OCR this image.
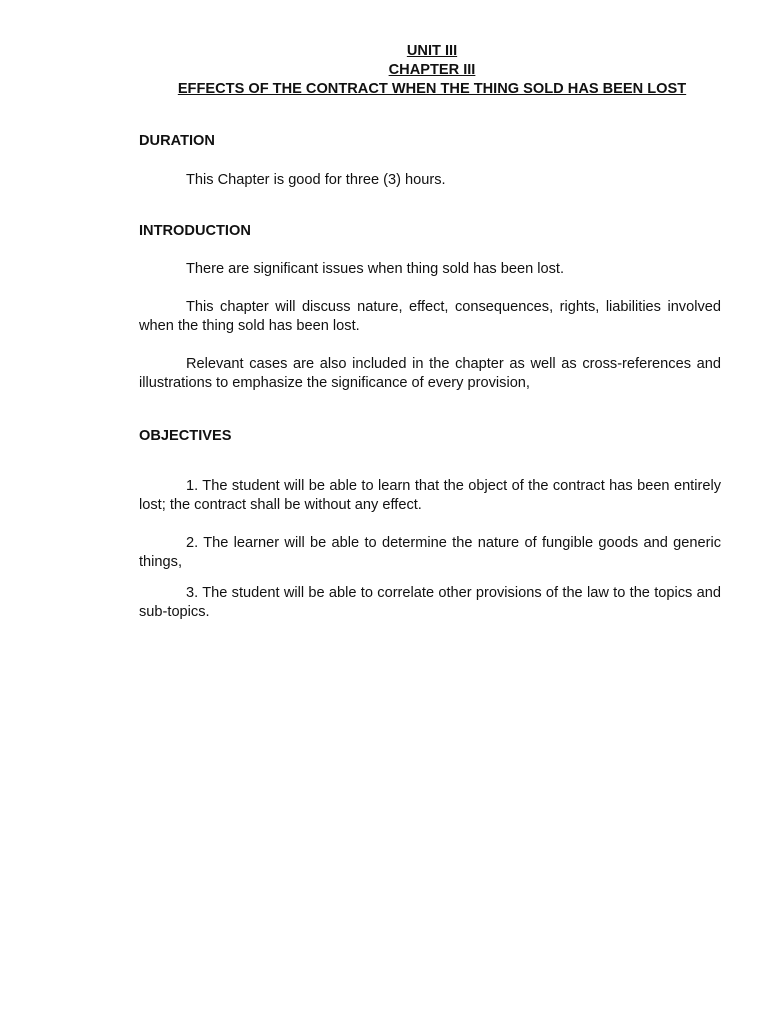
UNIT III
CHAPTER III
EFFECTS OF THE CONTRACT WHEN THE THING SOLD HAS BEEN LOST
DURATION
This Chapter is good for three (3) hours.
INTRODUCTION
There are significant issues when thing sold has been lost.
This chapter will discuss nature, effect, consequences, rights, liabilities involved when the thing sold has been lost.
Relevant cases are also included in the chapter as well as cross-references and illustrations to emphasize the significance of every provision,
OBJECTIVES
1. The student will be able to learn that the object of the contract has been entirely lost; the contract shall be without any effect.
2. The learner will be able to determine the nature of fungible goods and generic things,
3. The student will be able to correlate other provisions of the law to the topics and sub-topics.
